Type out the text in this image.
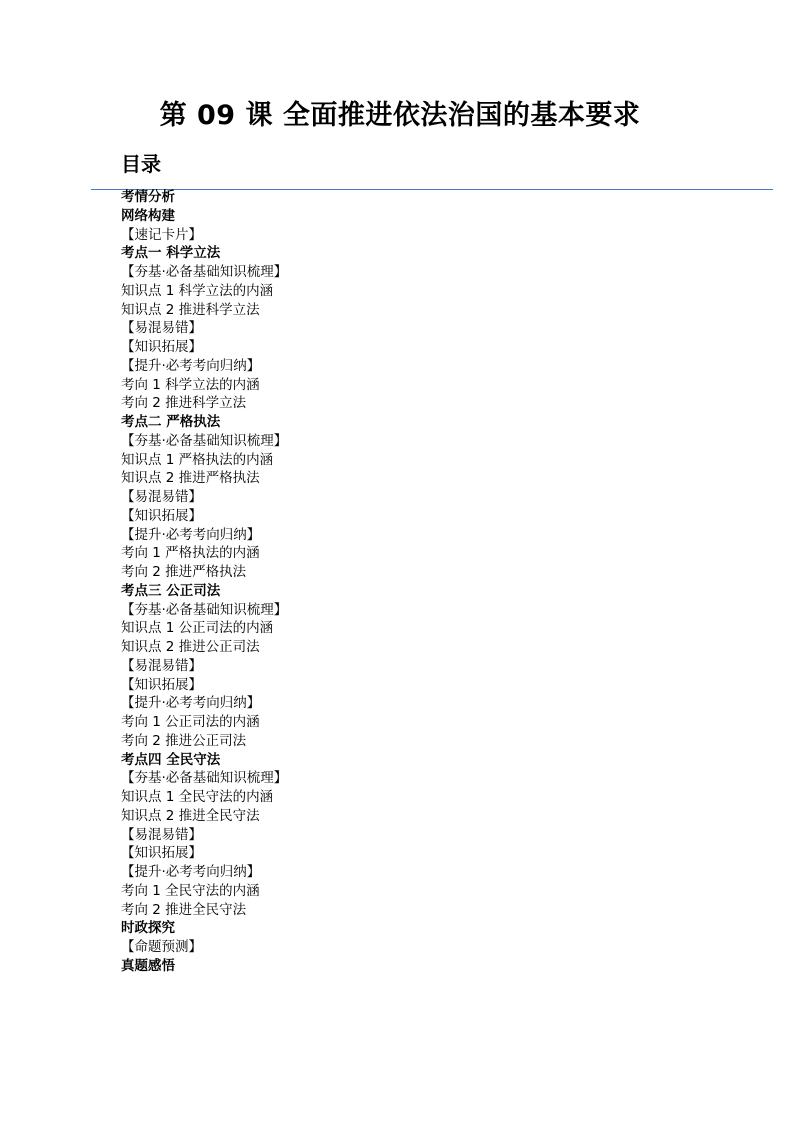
第 09 课 全面推进依法治国的基本要求
目录
考情分析
网络构建
【速记卡片】
考点一 科学立法
【夯基·必备基础知识梳理】
知识点 1 科学立法的内涵
知识点 2 推进科学立法
【易混易错】
【知识拓展】
【提升·必考考向归纳】
考向 1 科学立法的内涵
考向 2 推进科学立法
考点二 严格执法
【夯基·必备基础知识梳理】
知识点 1 严格执法的内涵
知识点 2 推进严格执法
【易混易错】
【知识拓展】
【提升·必考考向归纳】
考向 1 严格执法的内涵
考向 2 推进严格执法
考点三 公正司法
【夯基·必备基础知识梳理】
知识点 1 公正司法的内涵
知识点 2 推进公正司法
【易混易错】
【知识拓展】
【提升·必考考向归纳】
考向 1 公正司法的内涵
考向 2 推进公正司法
考点四 全民守法
【夯基·必备基础知识梳理】
知识点 1 全民守法的内涵
知识点 2 推进全民守法
【易混易错】
【知识拓展】
【提升·必考考向归纳】
考向 1 全民守法的内涵
考向 2 推进全民守法
时政探究
【命题预测】
真题感悟
